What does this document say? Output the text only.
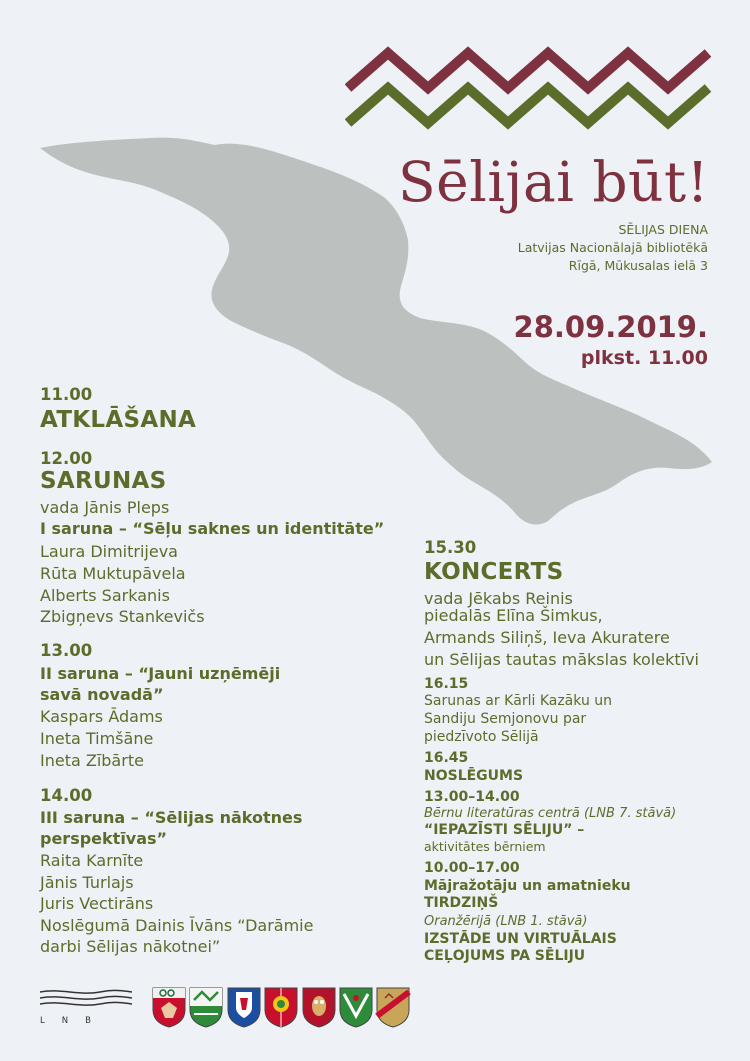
Sēlijai būt!
SĒLIJAS DIENA
Latvijas Nacionālajā bibliotēkā
Rīgā, Mūkusalas ielā 3
28.09.2019.
plkst. 11.00
11.00
ATKLĀŠANA
12.00
SARUNAS
vada Jānis Pleps
I saruna – “Sēļu saknes un identitāte”
Laura Dimitrijeva
Rūta Muktupāvela
Alberts Sarkanis
Zbigņevs Stankevičs
13.00
II saruna – “Jauni uzņēmēji
savā novadā”
Kaspars Ādams
Ineta Timšāne
Ineta Zībārte
14.00
III saruna – “Sēlijas nākotnes
perspektīvas”
Raita Karnīte
Jānis Turlajs
Juris Vectirāns
Noslēgumā Dainis Īvāns “Darāmie
darbi Sēlijas nākotnei”
15.30
KONCERTS
vada Jēkabs Reinis
piedalās Elīna Šimkus,
Armands Siliņš, Ieva Akuratere
un Sēlijas tautas mākslas kolektīvi
16.15
Sarunas ar Kārli Kazāku un
Sandiju Semjonovu par
piedzīvoto Sēlijā
16.45
NOSLĒGUMS
13.00–14.00
Bērnu literatūras centrā (LNB 7. stāvā)
“IEPAZĪSTI SĒLIJU” –
aktivitātes bērniem
10.00–17.00
Mājražotāju un amatnieku
TIRDZIŅŠ
Oranžērijā (LNB 1. stāvā)
IZSTĀDE UN VIRTUĀLAIS
CEĻOJUMS PA SĒLIJU
LNB
